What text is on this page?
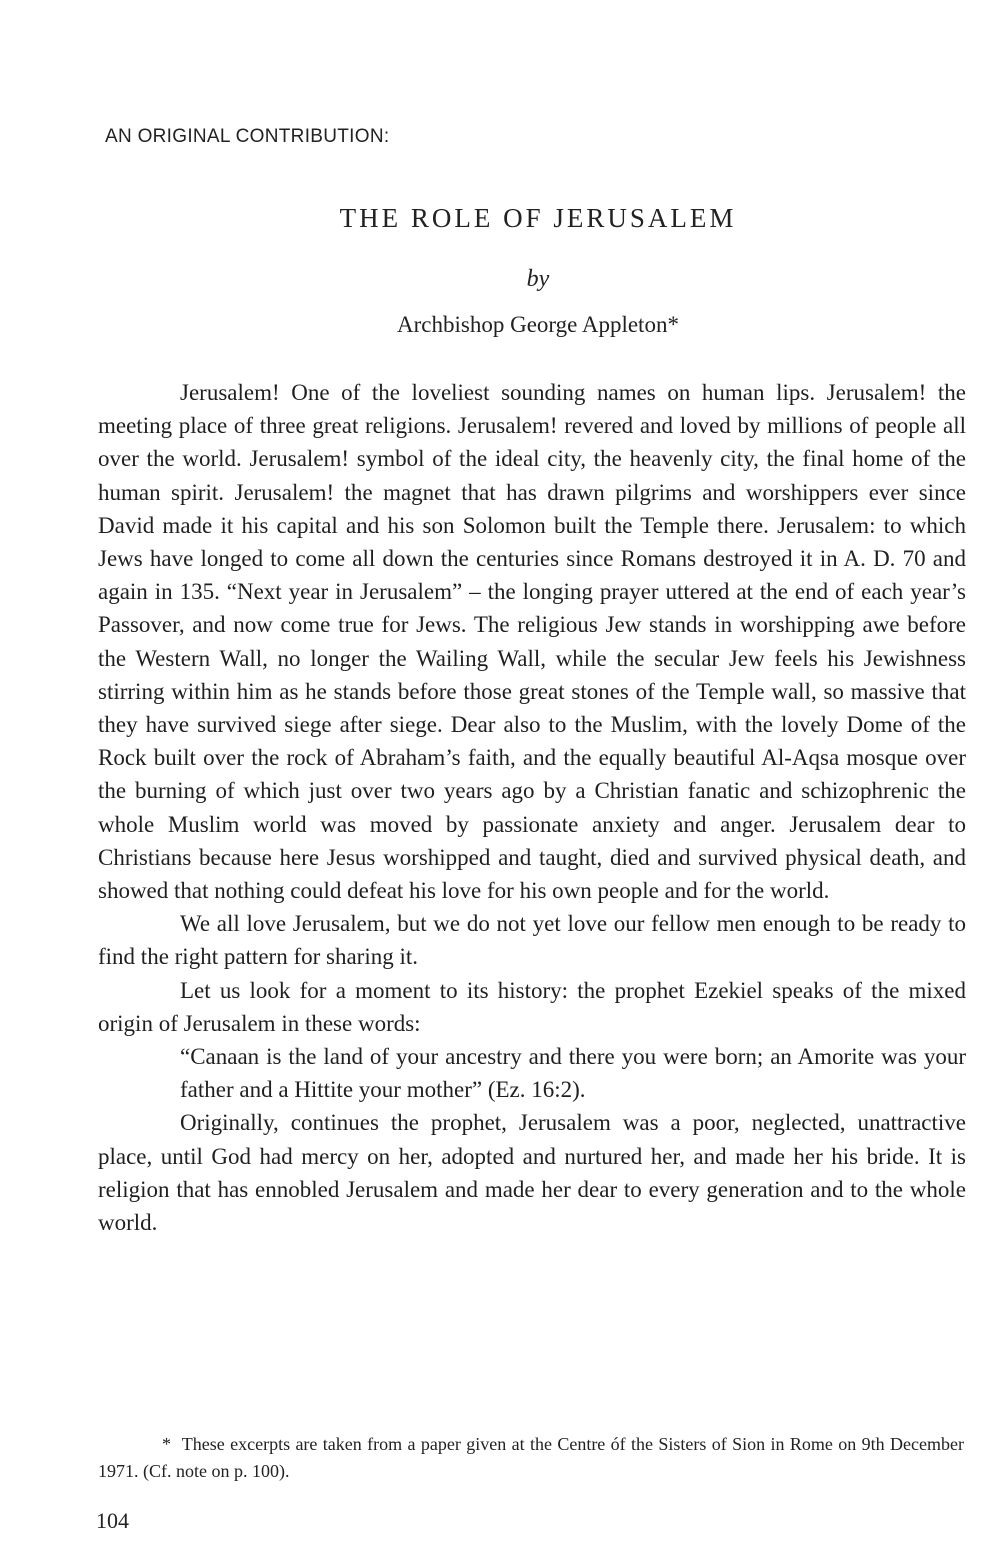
AN ORIGINAL CONTRIBUTION:
THE ROLE OF JERUSALEM
by
Archbishop George Appleton*

Jerusalem! One of the loveliest sounding names on human lips. Jerusalem! the meeting place of three great religions. Jerusalem! revered and loved by millions of people all over the world. Jerusalem! symbol of the ideal city, the heavenly city, the final home of the human spirit. Jerusalem! the magnet that has drawn pilgrims and worshippers ever since David made it his capital and his son Solomon built the Temple there. Jerusalem: to which Jews have longed to come all down the centuries since Romans destroyed it in A. D. 70 and again in 135. “Next year in Jerusalem” – the longing prayer uttered at the end of each year’s Passover, and now come true for Jews. The religious Jew stands in worshipping awe before the Western Wall, no longer the Wailing Wall, while the secular Jew feels his Jewishness stirring within him as he stands before those great stones of the Temple wall, so massive that they have survived siege after siege. Dear also to the Muslim, with the lovely Dome of the Rock built over the rock of Abraham’s faith, and the equally beautiful Al-Aqsa mosque over the burning of which just over two years ago by a Christian fanatic and schizophrenic the whole Muslim world was moved by passionate anxiety and anger. Jerusalem dear to Christians because here Jesus worshipped and taught, died and survived physical death, and showed that nothing could defeat his love for his own people and for the world.

We all love Jerusalem, but we do not yet love our fellow men enough to be ready to find the right pattern for sharing it.

Let us look for a moment to its history: the prophet Ezekiel speaks of the mixed origin of Jerusalem in these words:

“Canaan is the land of your ancestry and there you were born; an Amorite was your father and a Hittite your mother” (Ez. 16:2).

Originally, continues the prophet, Jerusalem was a poor, neglected, unattractive place, until God had mercy on her, adopted and nurtured her, and made her his bride. It is religion that has ennobled Jerusalem and made her dear to every generation and to the whole world.

* These excerpts are taken from a paper given at the Centre óf the Sisters of Sion in Rome on 9th December 1971. (Cf. note on p. 100).
104
